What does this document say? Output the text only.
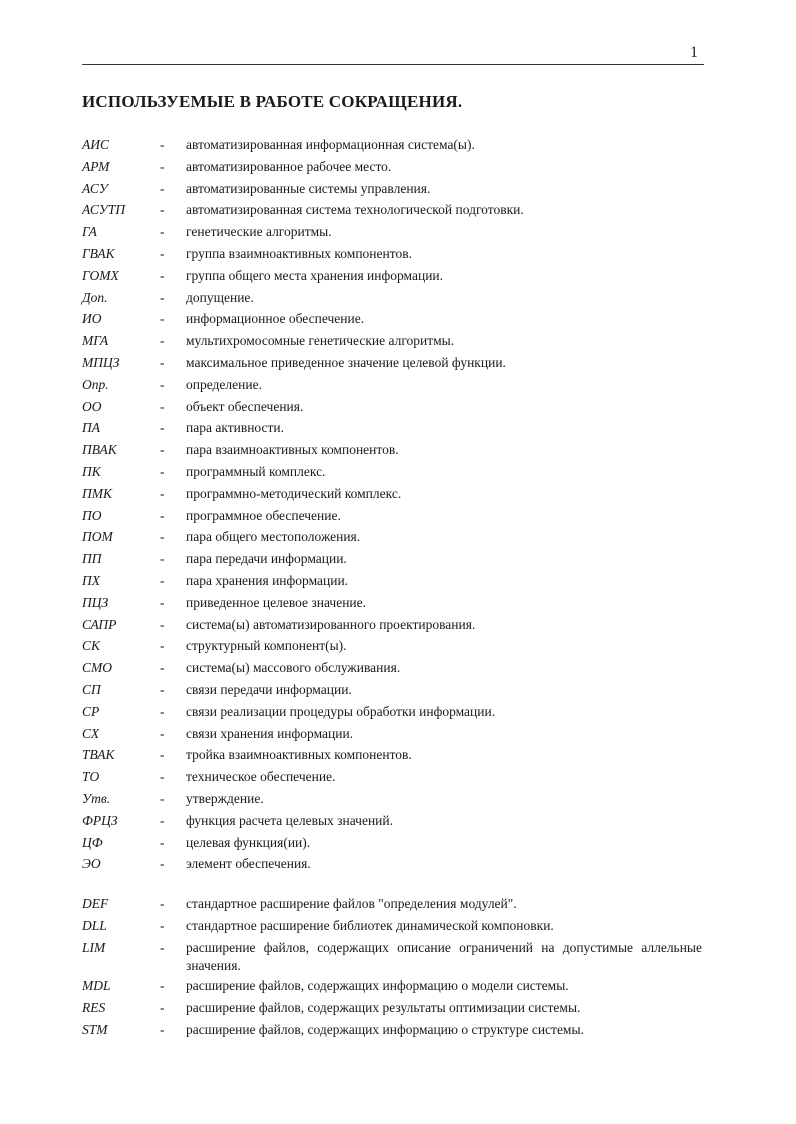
1
ИСПОЛЬЗУЕМЫЕ В РАБОТЕ СОКРАЩЕНИЯ.
АИС	- автоматизированная информационная система(ы).
АРМ	- автоматизированное рабочее место.
АСУ	- автоматизированные системы управления.
АСУТП	- автоматизированная система технологической подготовки.
ГА	- генетические алгоритмы.
ГВАК	- группа взаимноактивных компонентов.
ГОМХ	- группа общего места хранения информации.
Доп.	- допущение.
ИО	- информационное обеспечение.
МГА	- мультихромосомные генетические алгоритмы.
МПЦЗ	- максимальное приведенное значение целевой функции.
Опр.	- определение.
ОО	- объект обеспечения.
ПА	- пара активности.
ПВАК	- пара взаимноактивных компонентов.
ПК	- программный комплекс.
ПМК	- программно-методический комплекс.
ПО	- программное обеспечение.
ПОМ	- пара общего местоположения.
ПП	- пара передачи информации.
ПХ	- пара хранения информации.
ПЦЗ	- приведенное целевое значение.
САПР	- система(ы) автоматизированного проектирования.
СК	- структурный компонент(ы).
СМО	- система(ы) массового обслуживания.
СП	- связи передачи информации.
СР	- связи реализации процедуры обработки информации.
СХ	- связи хранения информации.
ТВАК	- тройка взаимноактивных компонентов.
ТО	- техническое обеспечение.
Утв.	- утверждение.
ФРЦЗ	- функция расчета целевых значений.
ЦФ	- целевая функция(ии).
ЭО	- элемент обеспечения.
DEF	- стандартное расширение файлов "определения модулей".
DLL	- стандартное расширение библиотек динамической компоновки.
LIM	- расширение файлов, содержащих описание ограничений на допустимые аллельные значения.
MDL	- расширение файлов, содержащих информацию о модели системы.
RES	- расширение файлов, содержащих результаты оптимизации системы.
STM	- расширение файлов, содержащих информацию о структуре системы.
